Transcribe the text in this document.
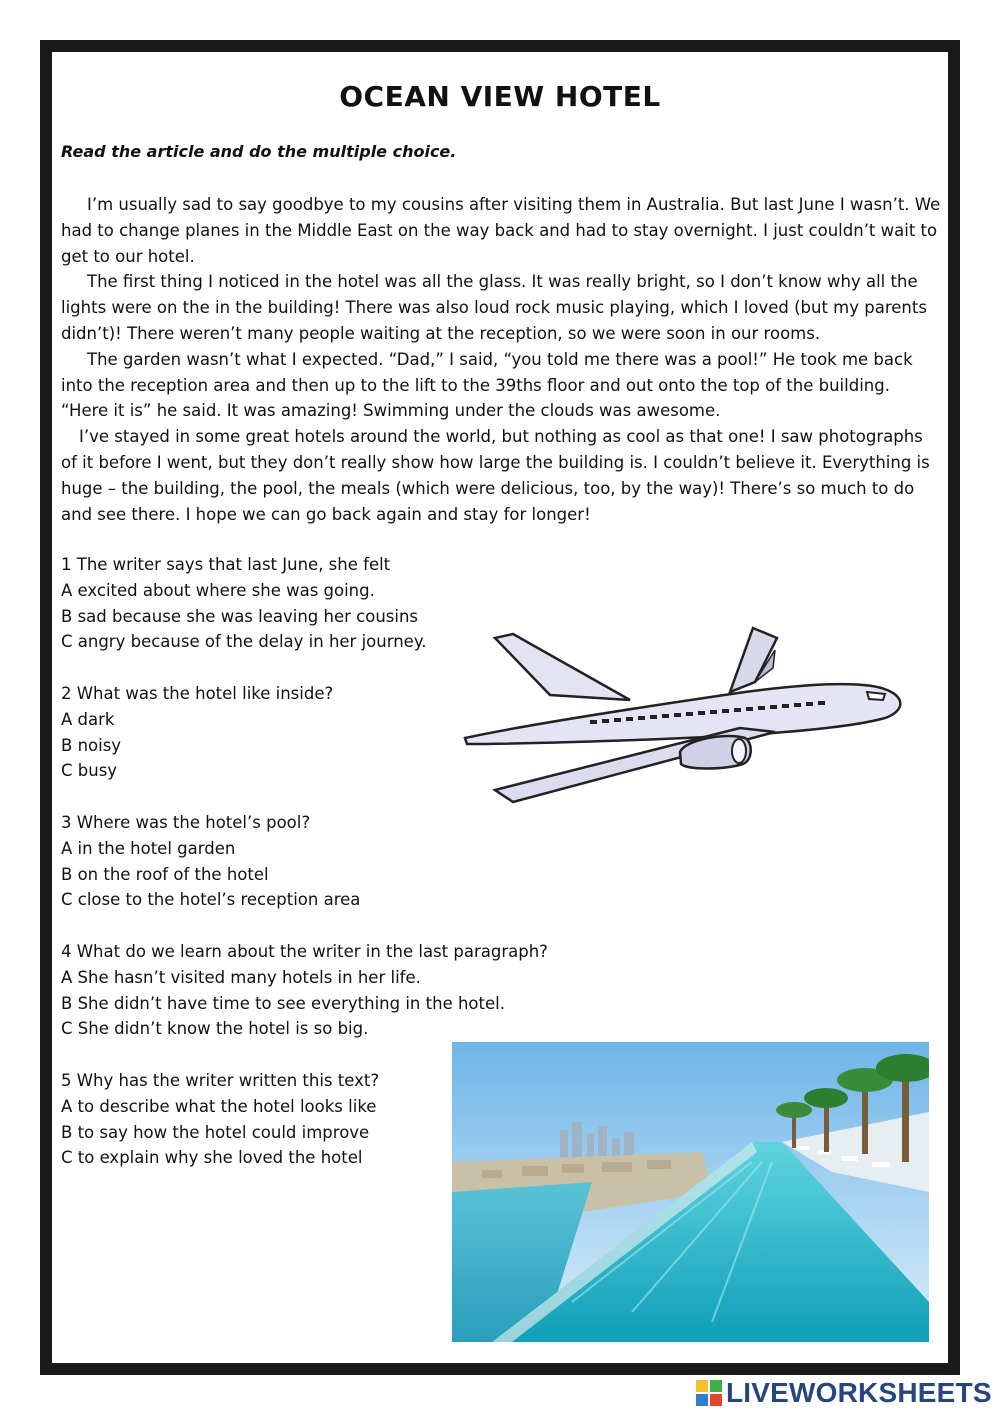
OCEAN VIEW HOTEL
Read the article and do the multiple choice.

I’m usually sad to say goodbye to my cousins after visiting them in Australia. But last June I wasn’t. We had to change planes in the Middle East on the way back and had to stay overnight. I just couldn’t wait to get to our hotel.

The first thing I noticed in the hotel was all the glass. It was really bright, so I don’t know why all the lights were on the in the building! There was also loud rock music playing, which I loved (but my parents didn’t)! There weren’t many people waiting at the reception, so we were soon in our rooms.

The garden wasn’t what I expected. “Dad,” I said, “you told me there was a pool!” He took me back into the reception area and then up to the lift to the 39ths floor and out onto the top of the building. “Here it is” he said. It was amazing! Swimming under the clouds was awesome.

I’ve stayed in some great hotels around the world, but nothing as cool as that one! I saw photographs of it before I went, but they don’t really show how large the building is. I couldn’t believe it. Everything is huge – the building, the pool, the meals (which were delicious, too, by the way)! There’s so much to do and see there. I hope we can go back again and stay for longer!

1 The writer says that last June, she felt
A excited about where she was going.
B sad because she was leaving her cousins
C angry because of the delay in her journey.
2 What was the hotel like inside?
A dark
B noisy
C busy
3 Where was the hotel’s pool?
A in the hotel garden
B on the roof of the hotel
C close to the hotel’s reception area
4 What do we learn about the writer in the last paragraph?
A She hasn’t visited many hotels in her life.
B She didn’t have time to see everything in the hotel.
C She didn’t know the hotel is so big.
5 Why has the writer written this text?
A to describe what the hotel looks like
B to say how the hotel could improve
C to explain why she loved the hotel
LIVEWORKSHEETS
